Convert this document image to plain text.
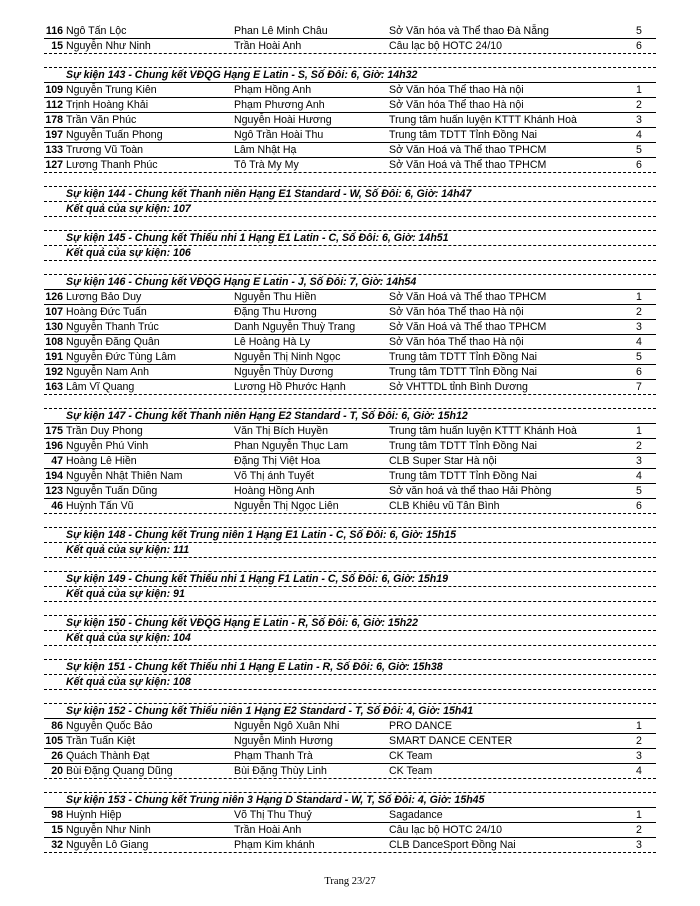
116 Ngô Tấn Lộc	Phan Lê Minh Châu	Sở Văn hóa và Thể thao Đà Nẵng	5
15 Nguyễn Như Ninh	Trần Hoài Anh	Câu lạc bộ HOTC 24/10	6
Sự kiện 143 - Chung kết VĐQG Hạng E Latin - S, Số Đôi: 6, Giờ: 14h32
109 Nguyễn Trung Kiên	Phạm Hồng Anh	Sở Văn hóa Thể thao Hà nội	1
112 Trịnh Hoàng Khải	Phạm Phương Anh	Sở Văn hóa Thể thao Hà nội	2
178 Trần Văn Phúc	Nguyễn Hoài Hương	Trung tâm huấn luyện KTTT Khánh Hoà	3
197 Nguyễn Tuấn Phong	Ngô Trần Hoài Thu	Trung tâm TDTT Tỉnh Đồng Nai	4
133 Trương Vũ Toàn	Lâm Nhật Hạ	Sở Văn Hoá và Thể thao TPHCM	5
127 Lương Thanh Phúc	Tô Trà My My	Sở Văn Hoá và Thể thao TPHCM	6
Sự kiện 144 - Chung kết Thanh niên Hạng E1 Standard - W, Số Đôi: 6, Giờ: 14h47
Kết quả của sự kiện: 107
Sự kiện 145 - Chung kết Thiếu nhi 1 Hạng E1 Latin - C, Số Đôi: 6, Giờ: 14h51
Kết quả của sự kiện: 106
Sự kiện 146 - Chung kết VĐQG Hạng E Latin - J, Số Đôi: 7, Giờ: 14h54
126 Lương Bảo Duy	Nguyễn Thu Hiền	Sở Văn Hoá và Thể thao TPHCM	1
107 Hoàng Đức Tuấn	Đặng Thu Hương	Sở Văn hóa Thể thao Hà nội	2
130 Nguyễn Thanh Trúc	Danh Nguyễn Thuỳ Trang	Sở Văn Hoá và Thể thao TPHCM	3
108 Nguyễn Đăng Quân	Lê Hoàng Hà Ly	Sở Văn hóa Thể thao Hà nội	4
191 Nguyễn Đức Tùng Lâm	Nguyễn Thị Ninh Ngọc	Trung tâm TDTT Tỉnh Đồng Nai	5
192 Nguyễn Nam Anh	Nguyễn Thùy Dương	Trung tâm TDTT Tỉnh Đồng Nai	6
163 Lâm Vĩ Quang	Lương Hồ Phước Hạnh	Sở VHTTDL tỉnh Bình Dương	7
Sự kiện 147 - Chung kết Thanh niên Hạng E2 Standard - T, Số Đôi: 6, Giờ: 15h12
175 Trần Duy Phong	Văn Thị Bích Huyền	Trung tâm huấn luyện KTTT Khánh Hoà	1
196 Nguyễn Phú Vinh	Phan Nguyễn Thục Lam	Trung tâm TDTT Tỉnh Đồng Nai	2
47 Hoàng Lê Hiền	Đặng Thị Việt Hoa	CLB Super Star Hà nội	3
194 Nguyễn Nhật Thiên Nam	Võ Thị ánh Tuyết	Trung tâm TDTT Tỉnh Đồng Nai	4
123 Nguyễn Tuấn Dũng	Hoàng Hồng Anh	Sở văn hoá và thể thao Hải Phòng	5
46 Huỳnh Tấn Vũ	Nguyễn Thị Ngọc Liên	CLB Khiêu vũ Tân Bình	6
Sự kiện 148 - Chung kết Trung niên 1 Hạng E1 Latin - C, Số Đôi: 6, Giờ: 15h15
Kết quả của sự kiện: 111
Sự kiện 149 - Chung kết Thiếu nhi 1 Hạng F1 Latin - C, Số Đôi: 6, Giờ: 15h19
Kết quả của sự kiện: 91
Sự kiện 150 - Chung kết VĐQG Hạng E Latin - R, Số Đôi: 6, Giờ: 15h22
Kết quả của sự kiện: 104
Sự kiện 151 - Chung kết Thiếu nhi 1 Hạng E Latin - R, Số Đôi: 6, Giờ: 15h38
Kết quả của sự kiện: 108
Sự kiện 152 - Chung kết Thiếu niên 1 Hạng E2 Standard - T, Số Đôi: 4, Giờ: 15h41
86 Nguyễn Quốc Bảo	Nguyễn Ngô Xuân Nhi	PRO DANCE	1
105 Trần Tuấn Kiệt	Nguyễn Minh Hương	SMART DANCE CENTER	2
26 Quách Thành Đạt	Phạm Thanh Trà	CK Team	3
20 Bùi Đặng Quang Dũng	Bùi Đặng Thùy Linh	CK Team	4
Sự kiện 153 - Chung kết Trung niên 3 Hạng D Standard - W, T, Số Đôi: 4, Giờ: 15h45
98 Huỳnh Hiệp	Võ Thị Thu Thuỷ	Sagadance	1
15 Nguyễn Như Ninh	Trần Hoài Anh	Câu lạc bộ HOTC 24/10	2
32 Nguyễn Lô Giang	Phạm Kim khánh	CLB DanceSport Đồng Nai	3
Trang 23/27
